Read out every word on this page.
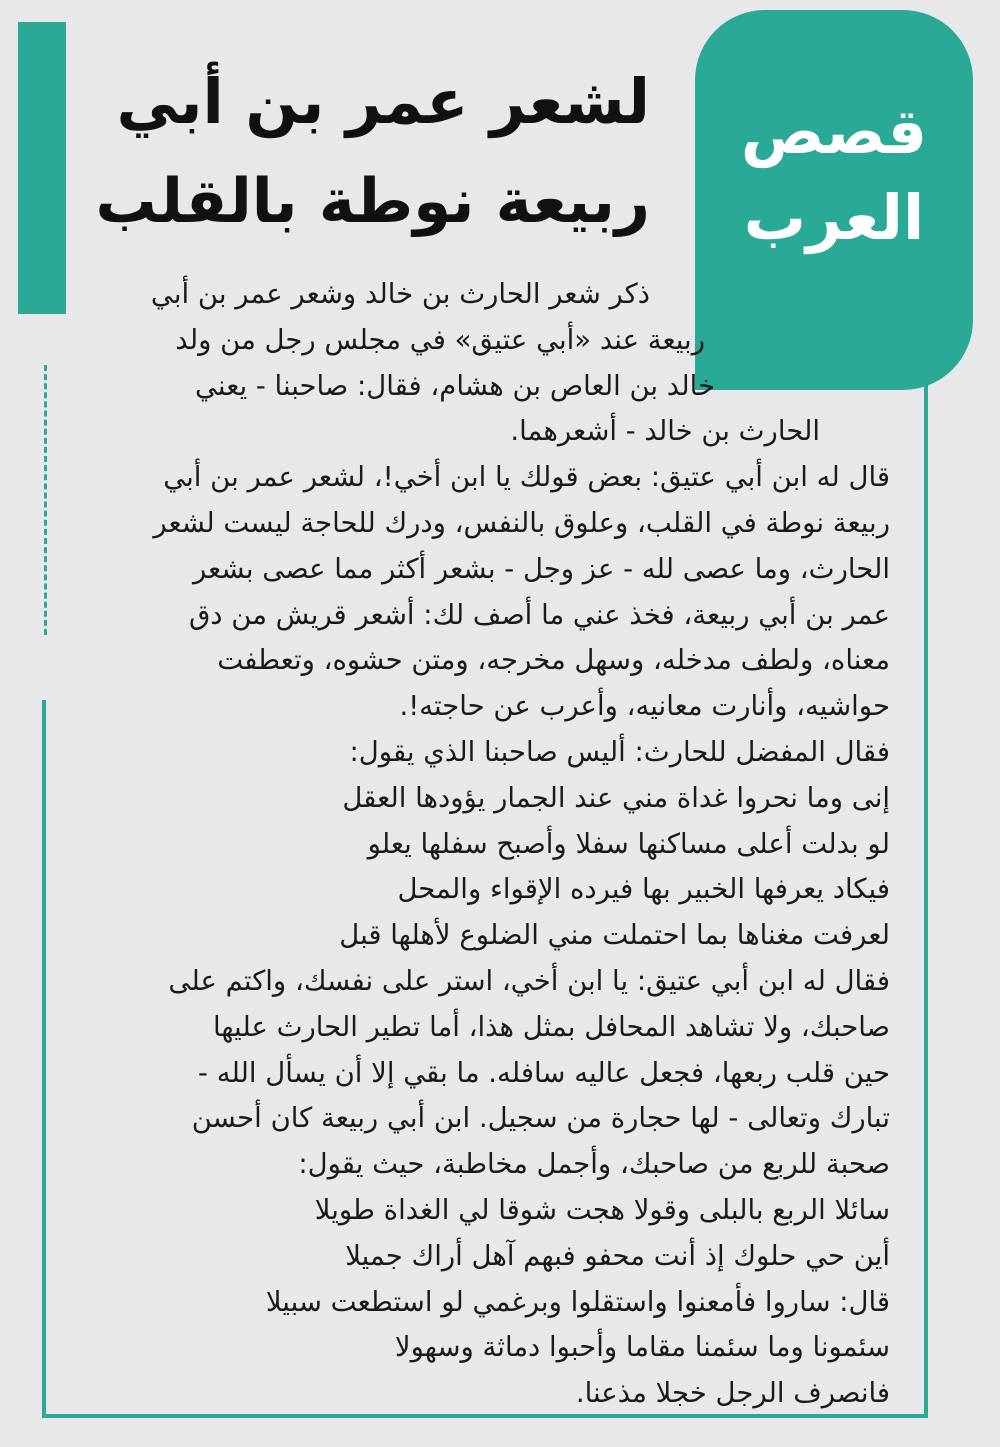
قصص
العرب
لشعر عمر بن أبي
ربيعة نوطة بالقلب
ذكر شعر الحارث بن خالد وشعر عمر بن أبي
ربيعة عند «أبي عتيق» في مجلس رجل من ولد
خالد بن العاص بن هشام، فقال: صاحبنا - يعني
الحارث بن خالد - أشعرهما.
قال له ابن أبي عتيق: بعض قولك يا ابن أخي!، لشعر عمر بن أبي
ربيعة نوطة في القلب، وعلوق بالنفس، ودرك للحاجة ليست لشعر
الحارث، وما عصى لله - عز وجل - بشعر أكثر مما عصى بشعر
عمر بن أبي ربيعة، فخذ عني ما أصف لك: أشعر قريش من دق
معناه، ولطف مدخله، وسهل مخرجه، ومتن حشوه، وتعطفت
حواشيه، وأنارت معانيه، وأعرب عن حاجته!.
فقال المفضل للحارث: أليس صاحبنا الذي يقول:
إنى وما نحروا غداة مني عند الجمار يؤودها العقل
لو بدلت أعلى مساكنها سفلا وأصبح سفلها يعلو
فيكاد يعرفها الخبير بها فيرده الإقواء والمحل
لعرفت مغناها بما احتملت مني الضلوع لأهلها قبل
فقال له ابن أبي عتيق: يا ابن أخي، استر على نفسك، واكتم على
صاحبك، ولا تشاهد المحافل بمثل هذا، أما تطير الحارث عليها
حين قلب ربعها، فجعل عاليه سافله. ما بقي إلا أن يسأل الله -
تبارك وتعالى - لها حجارة من سجيل. ابن أبي ربيعة كان أحسن
صحبة للربع من صاحبك، وأجمل مخاطبة، حيث يقول:
سائلا الربع بالبلى وقولا هجت شوقا لي الغداة طويلا
أين حي حلوك إذ أنت محفو فبهم آهل أراك جميلا
قال: ساروا فأمعنوا واستقلوا وبرغمي لو استطعت سبيلا
سئمونا وما سئمنا مقاما وأحبوا دماثة وسهولا
فانصرف الرجل خجلا مذعنا.
